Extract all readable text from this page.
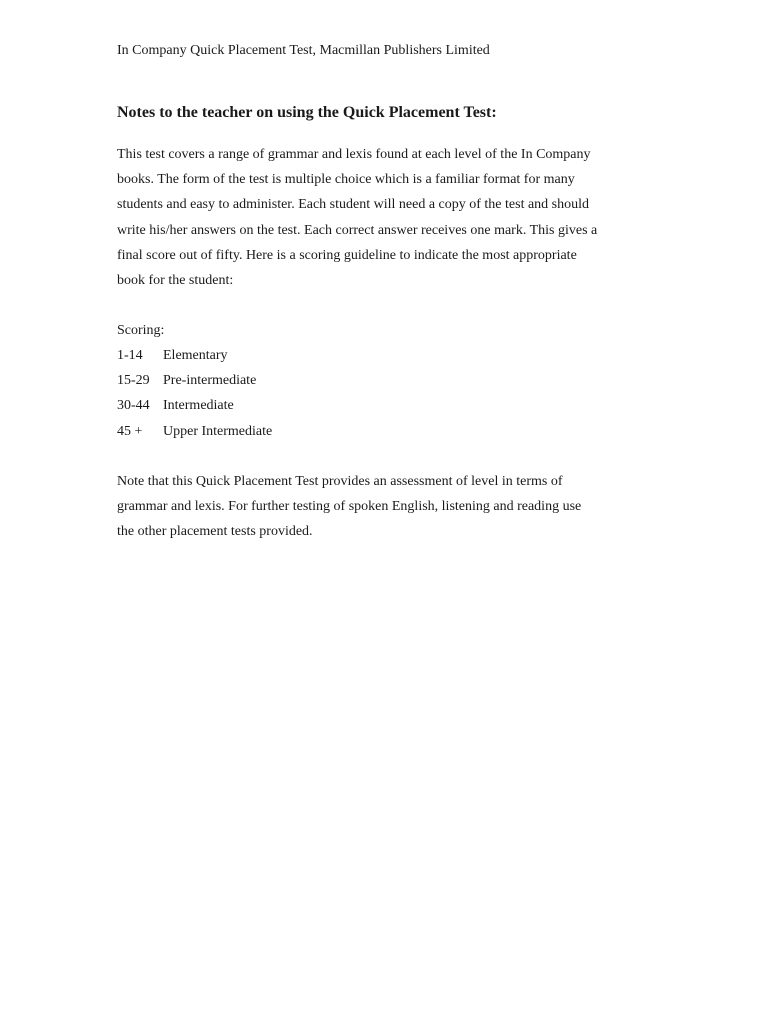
In Company Quick Placement Test, Macmillan Publishers Limited
Notes to the teacher on using the Quick Placement Test:
This test covers a range of grammar and lexis found at each level of the In Company
books. The form of the test is multiple choice which is a familiar format for many
students and easy to administer. Each student will need a copy of the test and should
write his/her answers on the test. Each correct answer receives one mark. This gives a
final score out of fifty. Here is a scoring guideline to indicate the most appropriate
book for the student:
Scoring:
1-14	Elementary
15-29 Pre-intermediate
30-44 Intermediate
45 +	Upper Intermediate
Note that this Quick Placement Test provides an assessment of level in terms of
grammar and lexis. For further testing of spoken English, listening and reading use
the other placement tests provided.
